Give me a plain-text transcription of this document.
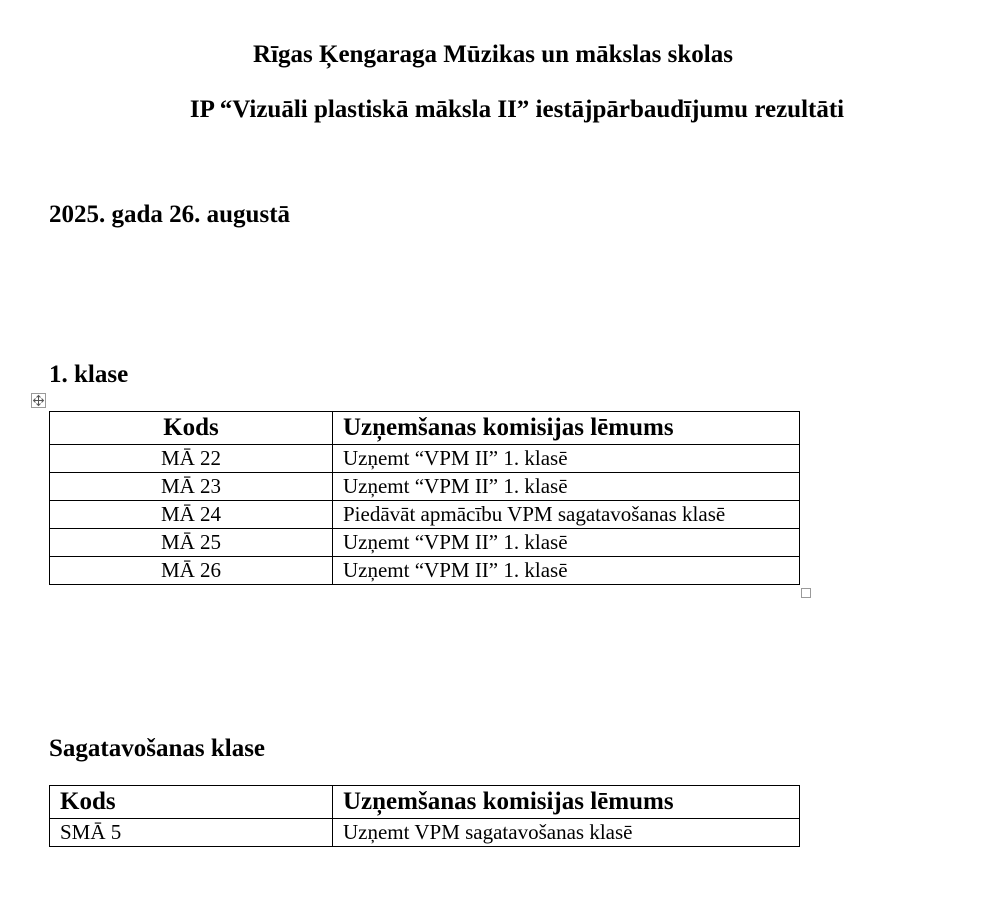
Rīgas Ķengaraga Mūzikas un mākslas skolas

IP “Vizuāli plastiskā māksla II” iestājpārbaudījumu rezultāti

2025. gada 26. augustā

1. klase

Kods	Uzņemšanas komisijas lēmums
MĀ 22	Uzņemt “VPM II” 1. klasē
MĀ 23	Uzņemt “VPM II” 1. klasē
MĀ 24	Piedāvāt apmācību VPM sagatavošanas klasē
MĀ 25	Uzņemt “VPM II” 1. klasē
MĀ 26	Uzņemt “VPM II” 1. klasē

Sagatavošanas klase

Kods	Uzņemšanas komisijas lēmums
SMĀ 5	Uzņemt VPM sagatavošanas klasē
